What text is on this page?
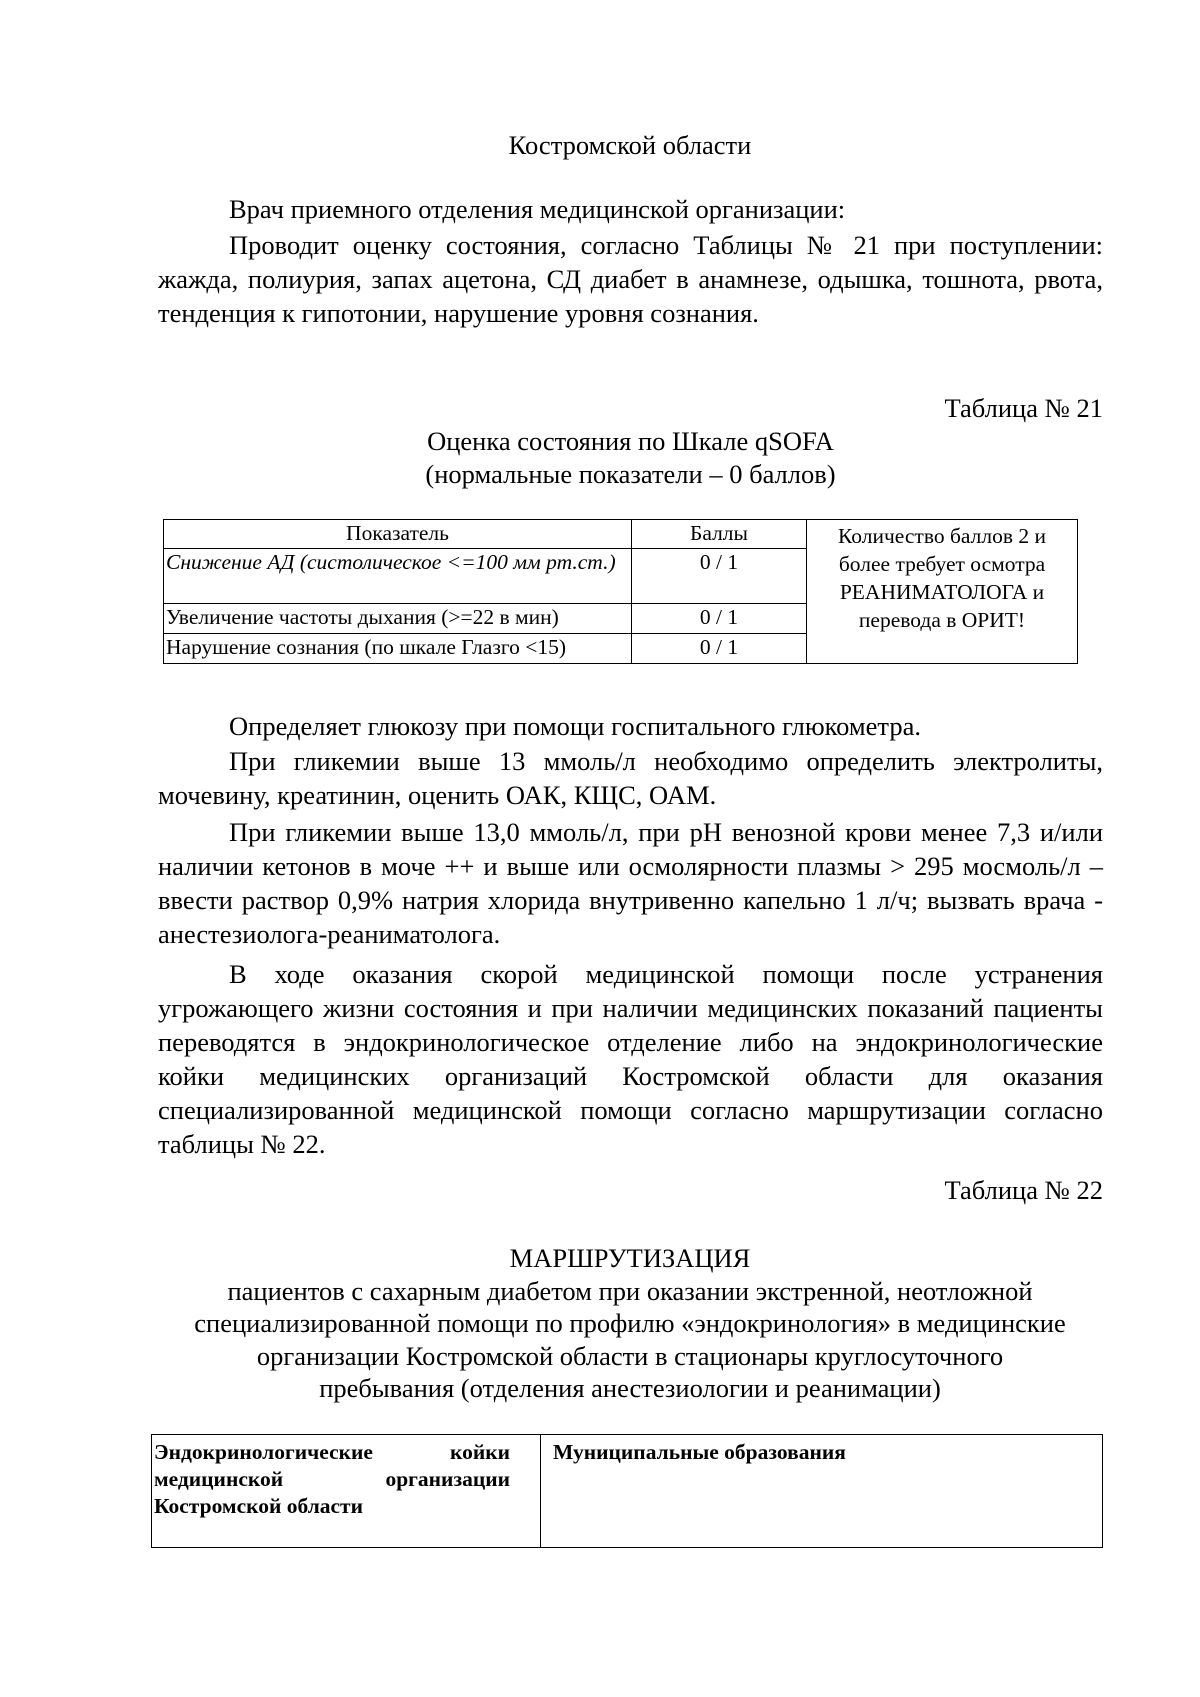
Костромской области
Врач приемного отделения медицинской организации:
Проводит оценку состояния, согласно Таблицы № 21 при поступлении: жажда, полиурия, запах ацетона, СД диабет в анамнезе, одышка, тошнота, рвота, тенденция к гипотонии, нарушение уровня сознания.
Таблица № 21
Оценка состояния по Шкале qSOFA
(нормальные показатели – 0 баллов)
Показатель	Баллы	Количество баллов 2 и более требует осмотра РЕАНИМАТОЛОГА и перевода в ОРИТ!
Снижение АД (систолическое <=100 мм рт.ст.)	0 / 1	
Увеличение частоты дыхания (>=22 в мин)	0 / 1	
Нарушение сознания (по шкале Глазго <15)	0 / 1	
Определяет глюкозу при помощи госпитального глюкометра.
При гликемии выше 13 ммоль/л необходимо определить электролиты, мочевину, креатинин, оценить ОАК, КЩС, ОАМ.
При гликемии выше 13,0 ммоль/л, при pH венозной крови менее 7,3 и/или наличии кетонов в моче ++ и выше или осмолярности плазмы > 295 мосмоль/л – ввести раствор 0,9% натрия хлорида внутривенно капельно 1 л/ч; вызвать врача - анестезиолога-реаниматолога.
В ходе оказания скорой медицинской помощи после устранения угрожающего жизни состояния и при наличии медицинских показаний пациенты переводятся в эндокринологическое отделение либо на эндокринологические койки медицинских организаций Костромской области для оказания специализированной медицинской помощи согласно маршрутизации согласно таблицы № 22.
Таблица № 22
МАРШРУТИЗАЦИЯ
пациентов с сахарным диабетом при оказании экстренной, неотложной
специализированной помощи по профилю «эндокринология» в медицинские
организации Костромской области в стационары круглосуточного
пребывания (отделения анестезиологии и реанимации)
Эндокринологические койки медицинской организации Костромской области	Муниципальные образования
